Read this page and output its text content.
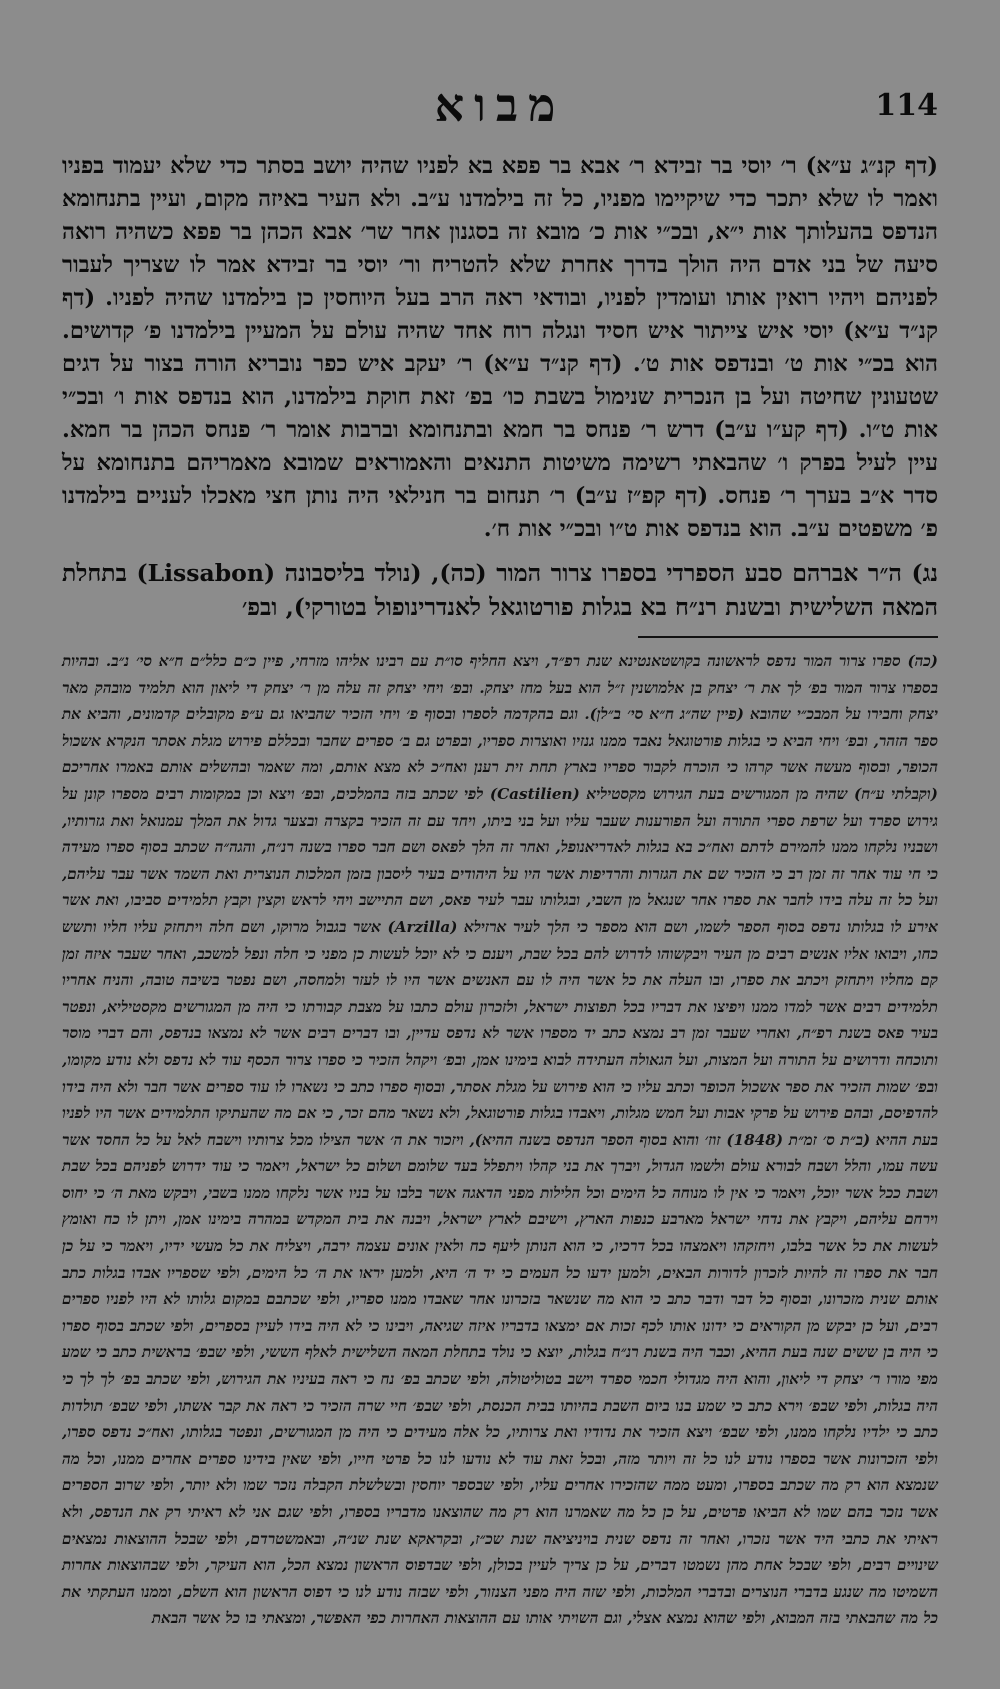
מבוא	114

(דף קנ״ג ע״א) ר׳ יוסי בר זבידא ר׳ אבא בר פפא בא לפניו שהיה יושב בסתר כדי שלא יעמוד בפניו ואמר לו שלא יתכר כדי שיקיימו מפניו, כל זה בילמדנו ע״ב. ולא העיר באיזה מקום, ועיין בתנחומא הנדפס בהעלותך אות י״א, ובכ״י אות כ׳ מובא זה בסגנון אחר שר׳ אבא הכהן בר פפא כשהיה רואה סיעה של בני אדם היה הולך בדרך אחרת שלא להטריח ור׳ יוסי בר זבידא אמר לו שצריך לעבור לפניהם ויהיו רואין אותו ועומדין לפניו, ובודאי ראה הרב בעל היוחסין כן בילמדנו שהיה לפניו. (דף קנ״ד ע״א) יוסי איש צייתור איש חסיד ונגלה רוח אחד שהיה עולם על המעיין בילמדנו פ׳ קדושים. הוא בכ״י אות ט׳ ובנדפס אות ט׳. (דף קנ״ד ע״א) ר׳ יעקב איש כפר נובריא הורה בצור על דגים שטעונין שחיטה ועל בן הנכרית שנימול בשבת כו׳ בפ׳ זאת חוקת בילמדנו, הוא בנדפס אות ו׳ ובכ״י אות ט״ו. (דף קע״ו ע״ב) דרש ר׳ פנחס בר חמא ובתנחומא וברבות אומר ר׳ פנחס הכהן בר חמא. עיין לעיל בפרק ו׳ שהבאתי רשימה משיטות התנאים והאמוראים שמובא מאמריהם בתנחומא על סדר א״ב בערך ר׳ פנחס. (דף קפ״ז ע״ב) ר׳ תנחום בר חנילאי היה נותן חצי מאכלו לעניים בילמדנו פ׳ משפטים ע״ב. הוא בנדפס אות ט״ו ובכ״י אות ח׳.

נג) ה״ר אברהם סבע הספרדי בספרו צרור המור (כה), (נולד בליסבונה (Lissabon) בתחלת המאה השלישית ובשנת רנ״ח בא בגלות פורטוגאל לאנדרינופול בטורקי), ובפ׳

(כה) ספרו צרור המור נדפס לראשונה בקושטאנטינא שנת רפ״ד, ויצא החליף סו״ת עם רבינו אליהו מזרחי, פיין כ״ם כלל״ם ח״א סי׳ נ״ב. ובהיות בספרו צרור המור בפ׳ לך את ר׳ יצחק בן אלמושנין ז״ל הוא בעל מחז יצחק. ובפ׳ ויחי יצחק זה עלה מן ר׳ יצחק די ליאון הוא תלמיד מובהק מאר יצחק וחבירו על המבכ״י שהובא (פיין שה״ג ח״א סי׳ ב״לן). וגם בהקדמה לספרו ובסוף פ׳ ויחי הזכיר שהביאו גם ע״פ מקובלים קדמונים, והביא את ספר הזהר, ובפ׳ ויחי הביא כי בגלות פורטוגאל נאבד ממנו גנזיו ואוצרות ספריו, ובפרט גם ב׳ ספרים שחבר ובכללם פירוש מגלת אסתר הנקרא אשכול הכופר, ובסוף מעשה אשר קרהו כי הוכרח לקבור ספריו בארץ תחת זית רענן ואח״כ לא מצא אותם, ומה שאמר ובהשלים אותם באמרו אחריכם (וקבלתי ע״ח) שהיה מן המגורשים בעת הגירוש מקסטיליא (Castilien) לפי שכתב בזה בהמלכים, ובפ׳ ויצא וכן במקומות רבים מספרו קונן על גירוש ספרד ועל שרפת ספרי התורה ועל הפורענות שעבר עליו ועל בני ביתו, ויחד עם זה הזכיר בקצרה ובצער גדול את המלך עמנואל ואת גזרותיו, ושבניו נלקחו ממנו להמירם לדתם ואח״כ בא בגלות לאדריאנופל, ואחר זה הלך לפאס ושם חבר ספרו בשנה רנ״ח, והגה״ה שכתב בסוף ספרו מעידה כי חי עוד אחר זה זמן רב כי הזכיר שם את הגזרות והרדיפות אשר היו על היהודים בעיר ליסבון בזמן המלכות הנוצרית ואת השמד אשר עבר עליהם, ועל כל זה עלה בידו לחבר את ספרו אחר שנגאל מן השבי, ובגלותו עבר לעיר פאס, ושם התיישב ויהי לראש וקצין וקבץ תלמידים סביבו, ואת אשר אירע לו בגלותו נדפס בסוף הספר לשמו, ושם הוא מספר כי הלך לעיר ארזילא (Arzilla) אשר בגבול מרוקו, ושם חלה ויתחזק עליו חליו ותשש כחו, ויבואו אליו אנשים רבים מן העיר ויבקשוהו לדרוש להם בכל שבת, ויענם כי לא יוכל לעשות כן מפני כי חלה ונפל למשכב, ואחר שעבר איזה זמן קם מחליו ויתחזק ויכתב את ספרו, ובו העלה את כל אשר היה לו עם האנשים אשר היו לו לעזר ולמחסה, ושם נפטר בשיבה טובה, והניח אחריו תלמידים רבים אשר למדו ממנו ויפיצו את דבריו בכל תפוצות ישראל, ולזכרון עולם כתבו על מצבת קבורתו כי היה מן המגורשים מקסטיליא, ונפטר בעיר פאס בשנת רפ״ח, ואחרי שעבר זמן רב נמצא כתב יד מספרו אשר לא נדפס עדיין, ובו דברים רבים אשר לא נמצאו בנדפס, והם דברי מוסר ותוכחה ודרושים על התורה ועל המצות, ועל הגאולה העתידה לבוא בימינו אמן, ובפ׳ ויקהל הזכיר כי ספרו צרור הכסף עוד לא נדפס ולא נודע מקומו, ובפ׳ שמות הזכיר את ספר אשכול הכופר וכתב עליו כי הוא פירוש על מגלת אסתר, ובסוף ספרו כתב כי נשארו לו עוד ספרים אשר חבר ולא היה בידו להדפיסם, ובהם פירוש על פרקי אבות ועל חמש מגלות, ויאבדו בגלות פורטוגאל, ולא נשאר מהם זכר, כי אם מה שהעתיקו התלמידים אשר היו לפניו בעת ההיא (ב״ת ס׳ זמ״ת (1848) זוז׳ והוא בסוף הספר הנדפס בשנה ההיא), ויזכור את ה׳ אשר הצילו מכל צרותיו וישבח לאל על כל החסד אשר עשה עמו, והלל ושבח לבורא עולם ולשמו הגדול, ויברך את בני קהלו ויתפלל בעד שלומם ושלום כל ישראל, ויאמר כי עוד ידרוש לפניהם בכל שבת ושבת ככל אשר יוכל, ויאמר כי אין לו מנוחה כל הימים וכל הלילות מפני הדאגה אשר בלבו על בניו אשר נלקחו ממנו בשבי, ויבקש מאת ה׳ כי יחוס וירחם עליהם, ויקבץ את נדחי ישראל מארבע כנפות הארץ, וישיבם לארץ ישראל, ויבנה את בית המקדש במהרה בימינו אמן, ויתן לו כח ואומץ לעשות את כל אשר בלבו, ויחזקהו ויאמצהו בכל דרכיו, כי הוא הנותן ליעף כח ולאין אונים עצמה ירבה, ויצליח את כל מעשי ידיו, ויאמר כי על כן חבר את ספרו זה להיות לזכרון לדורות הבאים, ולמען ידעו כל העמים כי יד ה׳ היא, ולמען יראו את ה׳ כל הימים, ולפי שספריו אבדו בגלות כתב אותם שנית מזכרונו, ובסוף כל דבר ודבר כתב כי הוא מה שנשאר בזכרונו אחר שאבדו ממנו ספריו, ולפי שכתבם במקום גלותו לא היו לפניו ספרים רבים, ועל כן יבקש מן הקוראים כי ידונו אותו לכף זכות אם ימצאו בדבריו איזה שגיאה, ויבינו כי לא היה בידו לעיין בספרים, ולפי שכתב בסוף ספרו כי היה בן ששים שנה בעת ההיא, וכבר היה בשנת רנ״ח בגלות, יוצא כי נולד בתחלת המאה השלישית לאלף הששי, ולפי שבפ׳ בראשית כתב כי שמע מפי מורו ר׳ יצחק די ליאון, והוא היה מגדולי חכמי ספרד וישב בטוליטולה, ולפי שכתב בפ׳ נח כי ראה בעיניו את הגירוש, ולפי שכתב בפ׳ לך לך כי היה בגלות, ולפי שבפ׳ וירא כתב כי שמע בנו ביום השבת בהיותו בבית הכנסת, ולפי שבפ׳ חיי שרה הזכיר כי ראה את קבר אשתו, ולפי שבפ׳ תולדות כתב כי ילדיו נלקחו ממנו, ולפי שבפ׳ ויצא הזכיר את נדודיו ואת צרותיו, כל אלה מעידים כי היה מן המגורשים, ונפטר בגלותו, ואח״כ נדפס ספרו, ולפי הזכרונות אשר בספרו נודע לנו כל זה ויותר מזה, ובכל זאת עוד לא נודעו לנו כל פרטי חייו, ולפי שאין בידינו ספרים אחרים ממנו, וכל מה שנמצא הוא רק מה שכתב בספרו, ומעט ממה שהזכירו אחרים עליו, ולפי שבספר יוחסין ובשלשלת הקבלה נזכר שמו ולא יותר, ולפי שרוב הספרים אשר נזכר בהם שמו לא הביאו פרטים, על כן כל מה שאמרנו הוא רק מה שהוצאנו מדבריו בספרו, ולפי שגם אני לא ראיתי רק את הנדפס, ולא ראיתי את כתבי היד אשר נזכרו, ואחר זה נדפס שנית בויניציאה שנת שכ״ז, ובקראקא שנת שנ״ה, ובאמשטרדם, ולפי שבכל ההוצאות נמצאים שינויים רבים, ולפי שבכל אחת מהן נשמטו דברים, על כן צריך לעיין בכולן, ולפי שבדפוס הראשון נמצא הכל, הוא העיקר, ולפי שבהוצאות אחרות השמיטו מה שנגע בדברי הנוצרים ובדברי המלכות, ולפי שזה היה מפני הצנזור, ולפי שבזה נודע לנו כי דפוס הראשון הוא השלם, וממנו העתקתי את כל מה שהבאתי בזה המבוא, ולפי שהוא נמצא אצלי, וגם השויתי אותו עם ההוצאות האחרות כפי האפשר, ומצאתי בו כל אשר הבאת
